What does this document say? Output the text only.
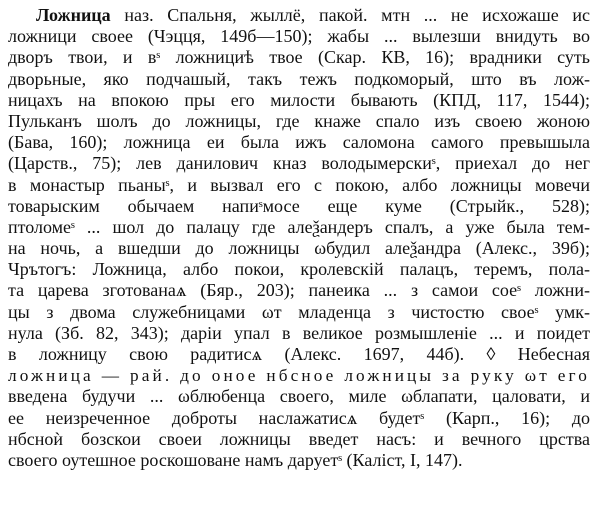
Ложница наз. Спальня, жыллё, пакой. мтн ... не исхожаше ис
ложници своее (Чэцця, 149б—150); жабы ... вылезши внидуть во
дворъ твои, и вˢ ложнициѣ твое (Скар. КВ, 16); врадники суть
двoрьные, яко подчашый, такъ тежъ подкоморый, што въ лож-
ницахъ на впокою пры его милости бывають (КПД, 117, 1544);
Пульканъ шолъ до ложницы, где кнаже спало изъ своею жоною
(Бава, 160); ложница еи была ижъ саломона самого превышыла
(Царств., 75); лев данилович кназ володымерскиˢ, приехал до нег
в монастыр пьаныˢ, и вызвал его с покою, албо ложницы мовечи
товарыским обычаем напиˢмосе еще куме (Стрыйк., 528);
птоломеˢ ... шол до палацу где алеѯандеръ спалъ, а уже была тем-
на ночь, а вшедши до ложницы ωбудил алеѯандра (Алекс., 39б);
Чрътогъ: Ложница, албо покои, кролевскій палацъ, теремъ, пола-
та царева зготованаѧ (Бяр., 203); панеика ... з самои соеˢ ложни-
цы з двома служебницами ωт младенца з чистостю своеˢ умк-
нула (Зб. 82, 343); дарiи упал в великое розмышленіе ... и поидет
в ложницу свою радитисѧ (Алекс. 1697, 44б). ◊ Небесная
ложница — рай. до оное нбсное ложницы за руку ωт его
введена будучи ... ωблюбенца своего, миле ωблапати, цаловати, и
ее неизреченное доброты наслажатисѧ будетˢ (Карп., 16); до
нбсноѝ бозскои своеи ложницы введет насъ: и вечного црства
своего оутешное роскошоване намъ даруетˢ (Каліст, I, 147).
